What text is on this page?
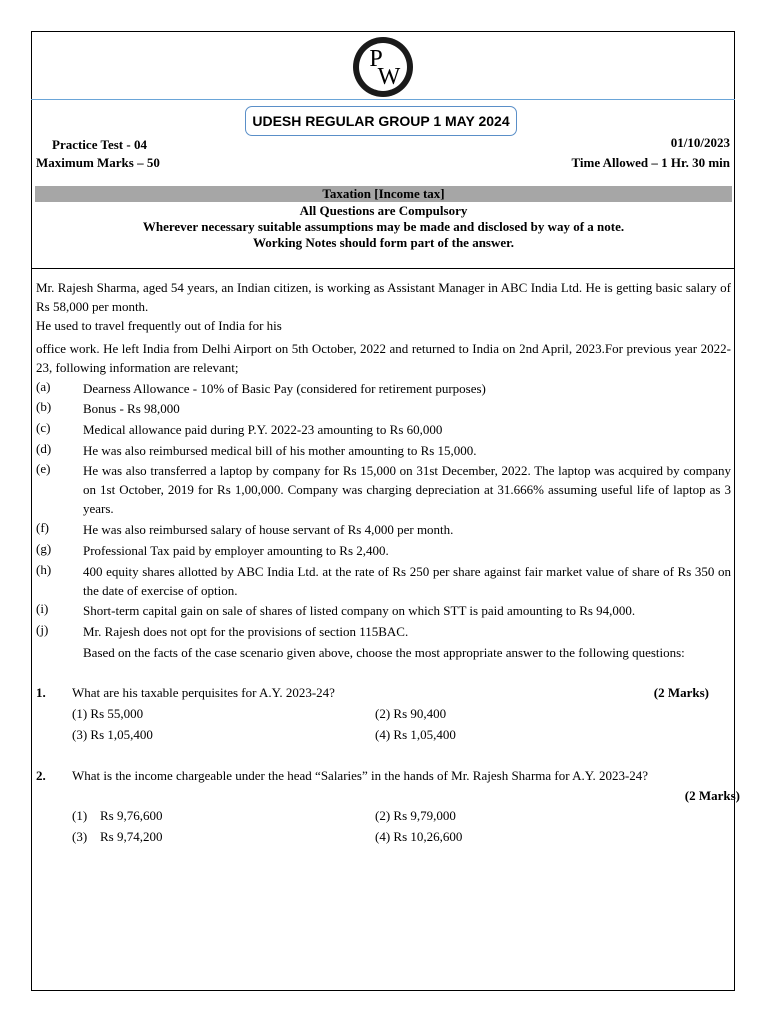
P
W
UDESH REGULAR GROUP 1 MAY 2024
Practice Test - 04
Maximum Marks – 50
01/10/2023
Time Allowed – 1 Hr. 30 min
Taxation [Income tax]
All Questions are Compulsory
Wherever necessary suitable assumptions may be made and disclosed by way of a note.
Working Notes should form part of the answer.
Mr. Rajesh Sharma, aged 54 years, an Indian citizen, is working as Assistant Manager in ABC India Ltd. He is getting basic salary of Rs 58,000 per month.
He used to travel frequently out of India for his
office work. He left India from Delhi Airport on 5th October, 2022 and returned to India on 2nd April, 2023.For previous year 2022-23, following information are relevant;
(a)	Dearness Allowance - 10% of Basic Pay (considered for retirement purposes)
(b) Bonus - Rs 98,000
(c)	Medical allowance paid during P.Y. 2022-23 amounting to Rs 60,000
(d) He was also reimbursed medical bill of his mother amounting to Rs 15,000.
(e)	He was also transferred a laptop by company for Rs 15,000 on 31st December, 2022. The laptop was acquired by company on 1st October, 2019 for Rs 1,00,000. Company was charging depreciation at 31.666% assuming useful life of laptop as 3 years.
(f)	He was also reimbursed salary of house servant of Rs 4,000 per month.
(g) Professional Tax paid by employer amounting to Rs 2,400.
(h) 400 equity shares allotted by ABC India Ltd. at the rate of Rs 250 per share against fair market value of share of Rs 350 on the date of exercise of option.
(i)	Short-term capital gain on sale of shares of listed company on which STT is paid amounting to Rs 94,000.
(j)	Mr. Rajesh does not opt for the provisions of section 115BAC.
Based on the facts of the case scenario given above, choose the most appropriate answer to the following questions:
1. What are his taxable perquisites for A.Y. 2023-24?	(2 Marks)
(1) Rs 55,000	(2) Rs 90,400
(3) Rs 1,05,400	(4) Rs 1,05,400
2. What is the income chargeable under the head “Salaries” in the hands of Mr. Rajesh Sharma for A.Y. 2023-24?
(2 Marks)
(1) Rs 9,76,600	(2) Rs 9,79,000
(3) Rs 9,74,200	(4) Rs 10,26,600
